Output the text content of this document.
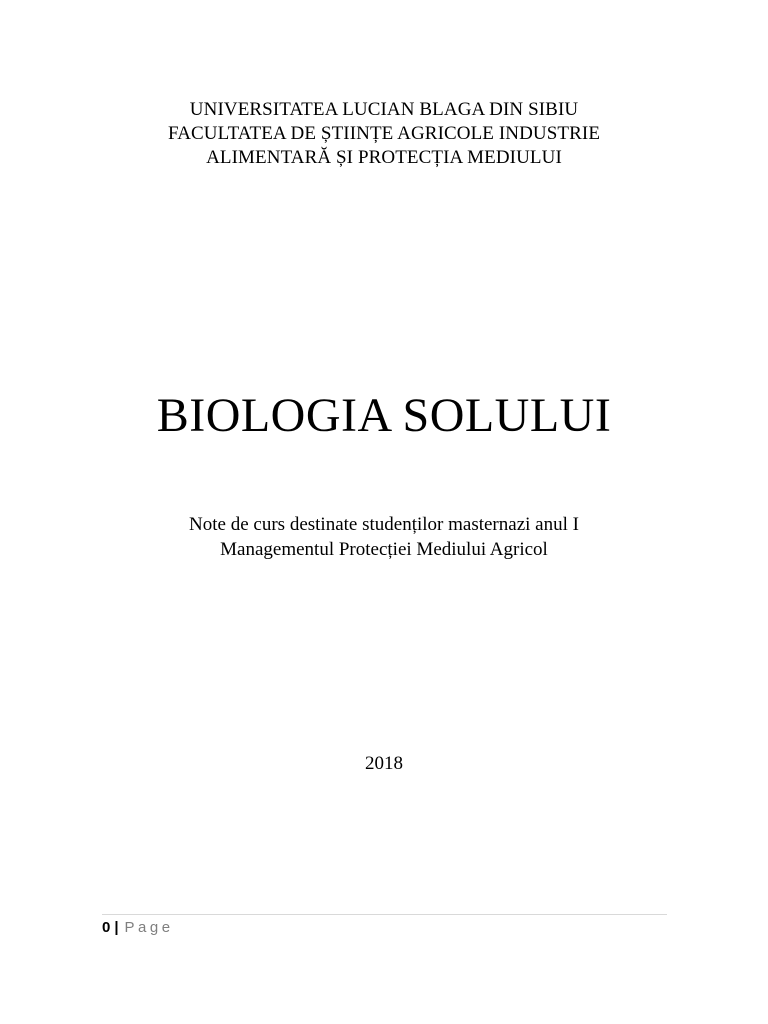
UNIVERSITATEA LUCIAN BLAGA DIN SIBIU
FACULTATEA DE ȘTIINȚE AGRICOLE INDUSTRIE
ALIMENTARĂ ȘI PROTECȚIA MEDIULUI
BIOLOGIA SOLULUI
Note de curs destinate studenților masternazi anul I
Managementul Protecției Mediului Agricol
2018
0 | Page
